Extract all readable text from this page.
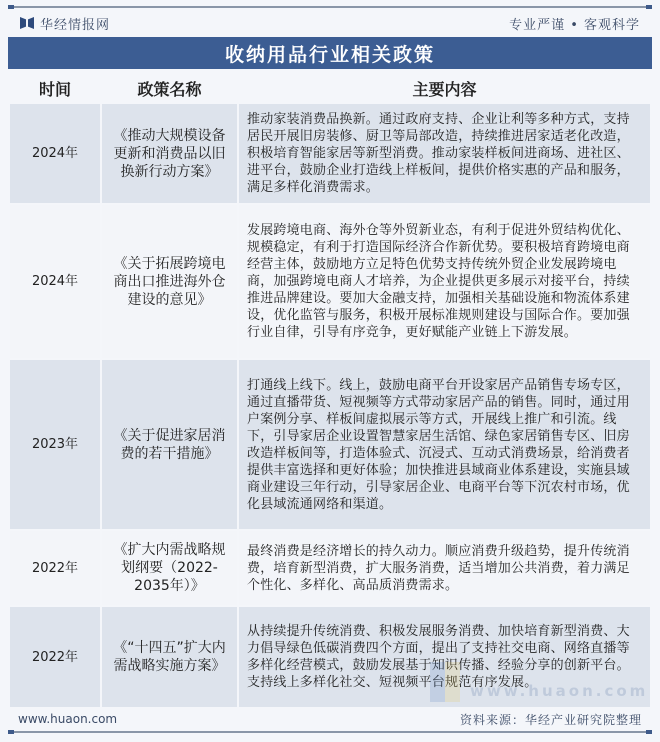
华经情报网	专业严谨 • 客观科学
收纳用品行业相关政策
时间	政策名称	主要内容
2024年	《推动大规模设备更新和消费品以旧换新行动方案》	推动家装消费品换新。通过政府支持、企业让利等多种方式，支持居民开展旧房装修、厨卫等局部改造，持续推进居家适老化改造，积极培育智能家居等新型消费。推动家装样板间进商场、进社区、进平台，鼓励企业打造线上样板间，提供价格实惠的产品和服务，满足多样化消费需求。
2024年	《关于拓展跨境电商出口推进海外仓建设的意见》	发展跨境电商、海外仓等外贸新业态，有利于促进外贸结构优化、规模稳定，有利于打造国际经济合作新优势。要积极培育跨境电商经营主体，鼓励地方立足特色优势支持传统外贸企业发展跨境电商，加强跨境电商人才培养，为企业提供更多展示对接平台，持续推进品牌建设。要加大金融支持，加强相关基础设施和物流体系建设，优化监管与服务，积极开展标准规则建设与国际合作。要加强行业自律，引导有序竞争，更好赋能产业链上下游发展。
2023年	《关于促进家居消费的若干措施》	打通线上线下。线上，鼓励电商平台开设家居产品销售专场专区，通过直播带货、短视频等方式带动家居产品的销售。同时，通过用户案例分享、样板间虚拟展示等方式，开展线上推广和引流。线下，引导家居企业设置智慧家居生活馆、绿色家居销售专区、旧房改造样板间等，打造体验式、沉浸式、互动式消费场景，给消费者提供丰富选择和更好体验；加快推进县域商业体系建设，实施县域商业建设三年行动，引导家居企业、电商平台等下沉农村市场，优化县域流通网络和渠道。
2022年	《扩大内需战略规划纲要（2022-2035年）》	最终消费是经济增长的持久动力。顺应消费升级趋势，提升传统消费，培育新型消费，扩大服务消费，适当增加公共消费，着力满足个性化、多样化、高品质消费需求。
2022年	《“十四五”扩大内需战略实施方案》	从持续提升传统消费、积极发展服务消费、加快培育新型消费、大力倡导绿色低碳消费四个方面，提出了支持社交电商、网络直播等多样化经营模式，鼓励发展基于知识传播、经验分享的创新平台。支持线上多样化社交、短视频平台规范有序发展。
www.huaon.com	资料来源：华经产业研究院整理
